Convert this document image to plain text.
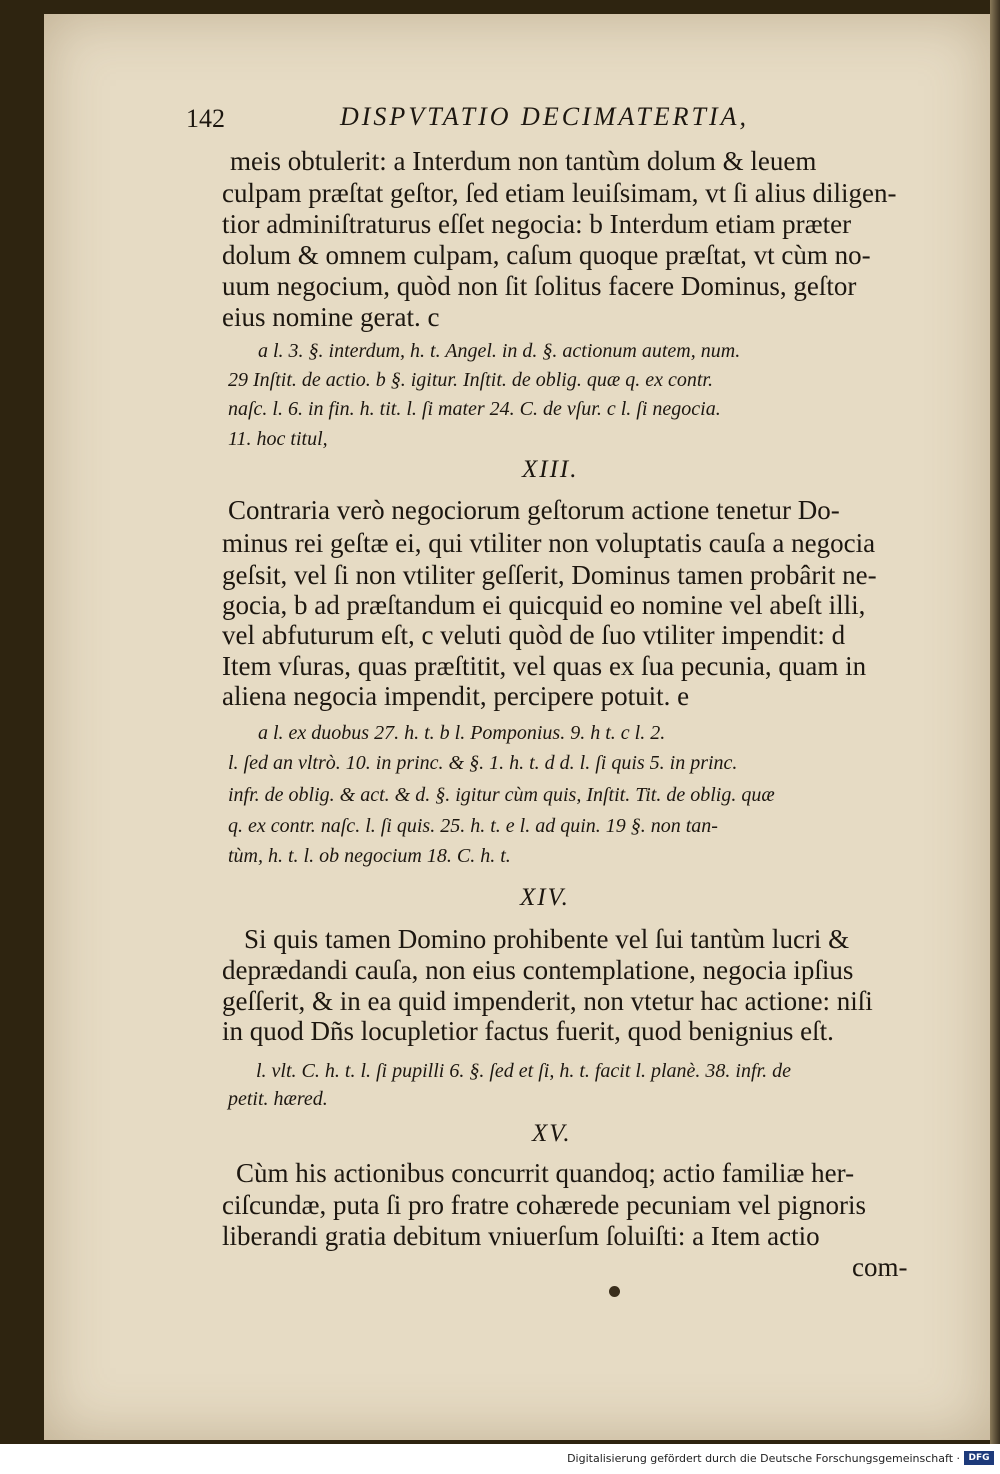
142	DISPVTATIO DECIMATERTIA,
meis obtulerit: a Interdum non tantùm dolum & leuem
culpam præſtat geſtor, ſed etiam leuiſsimam, vt ſi alius diligen-
tior adminiſtraturus eſſet negocia: b Interdum etiam præter
dolum & omnem culpam, caſum quoque præſtat, vt cùm no-
uum negocium, quòd non ſit ſolitus facere Dominus, geſtor
eius nomine gerat. c
a l. 3. §. interdum, h. t. Angel. in d. §. actionum autem, num.
29 Inſtit. de actio. b §. igitur. Inſtit. de oblig. quæ q. ex contr.
naſc. l. 6. in fin. h. tit. l. ſi mater 24. C. de vſur. c l. ſi negocia.
11. hoc titul,
XIII.
Contraria verò negociorum geſtorum actione tenetur Do-
minus rei geſtæ ei, qui vtiliter non voluptatis cauſa a negocia
geſsit, vel ſi non vtiliter geſſerit, Dominus tamen probârit ne-
gocia, b ad præſtandum ei quicquid eo nomine vel abeſt illi,
vel abfuturum eſt, c veluti quòd de ſuo vtiliter impendit: d
Item vſuras, quas præſtitit, vel quas ex ſua pecunia, quam in
aliena negocia impendit, percipere potuit. e
a l. ex duobus 27. h. t. b l. Pomponius. 9. h t. c l. 2.
l. ſed an vltrò. 10. in princ. & §. 1. h. t. d d. l. ſi quis 5. in princ.
infr. de oblig. & act. & d. §. igitur cùm quis, Inſtit. Tit. de oblig. quæ
q. ex contr. naſc. l. ſi quis. 25. h. t. e l. ad quin. 19 §. non tan-
tùm, h. t. l. ob negocium 18. C. h. t.
XIV.
Si quis tamen Domino prohibente vel ſui tantùm lucri &
deprædandi cauſa, non eius contemplatione, negocia ipſius
geſſerit, & in ea quid impenderit, non vtetur hac actione: niſi
in quod Dñs locupletior factus fuerit, quod benignius eſt.
l. vlt. C. h. t. l. ſi pupilli 6. §. ſed et ſi, h. t. facit l. planè. 38. infr. de
petit. hæred.
XV.
Cùm his actionibus concurrit quandoq; actio familiæ her-
ciſcundæ, puta ſi pro fratre cohærede pecuniam vel pignoris
liberandi gratia debitum vniuerſum ſoluiſti: a Item actio
com-
Digitalisierung gefördert durch die Deutsche Forschungsgemeinschaft · DFG
